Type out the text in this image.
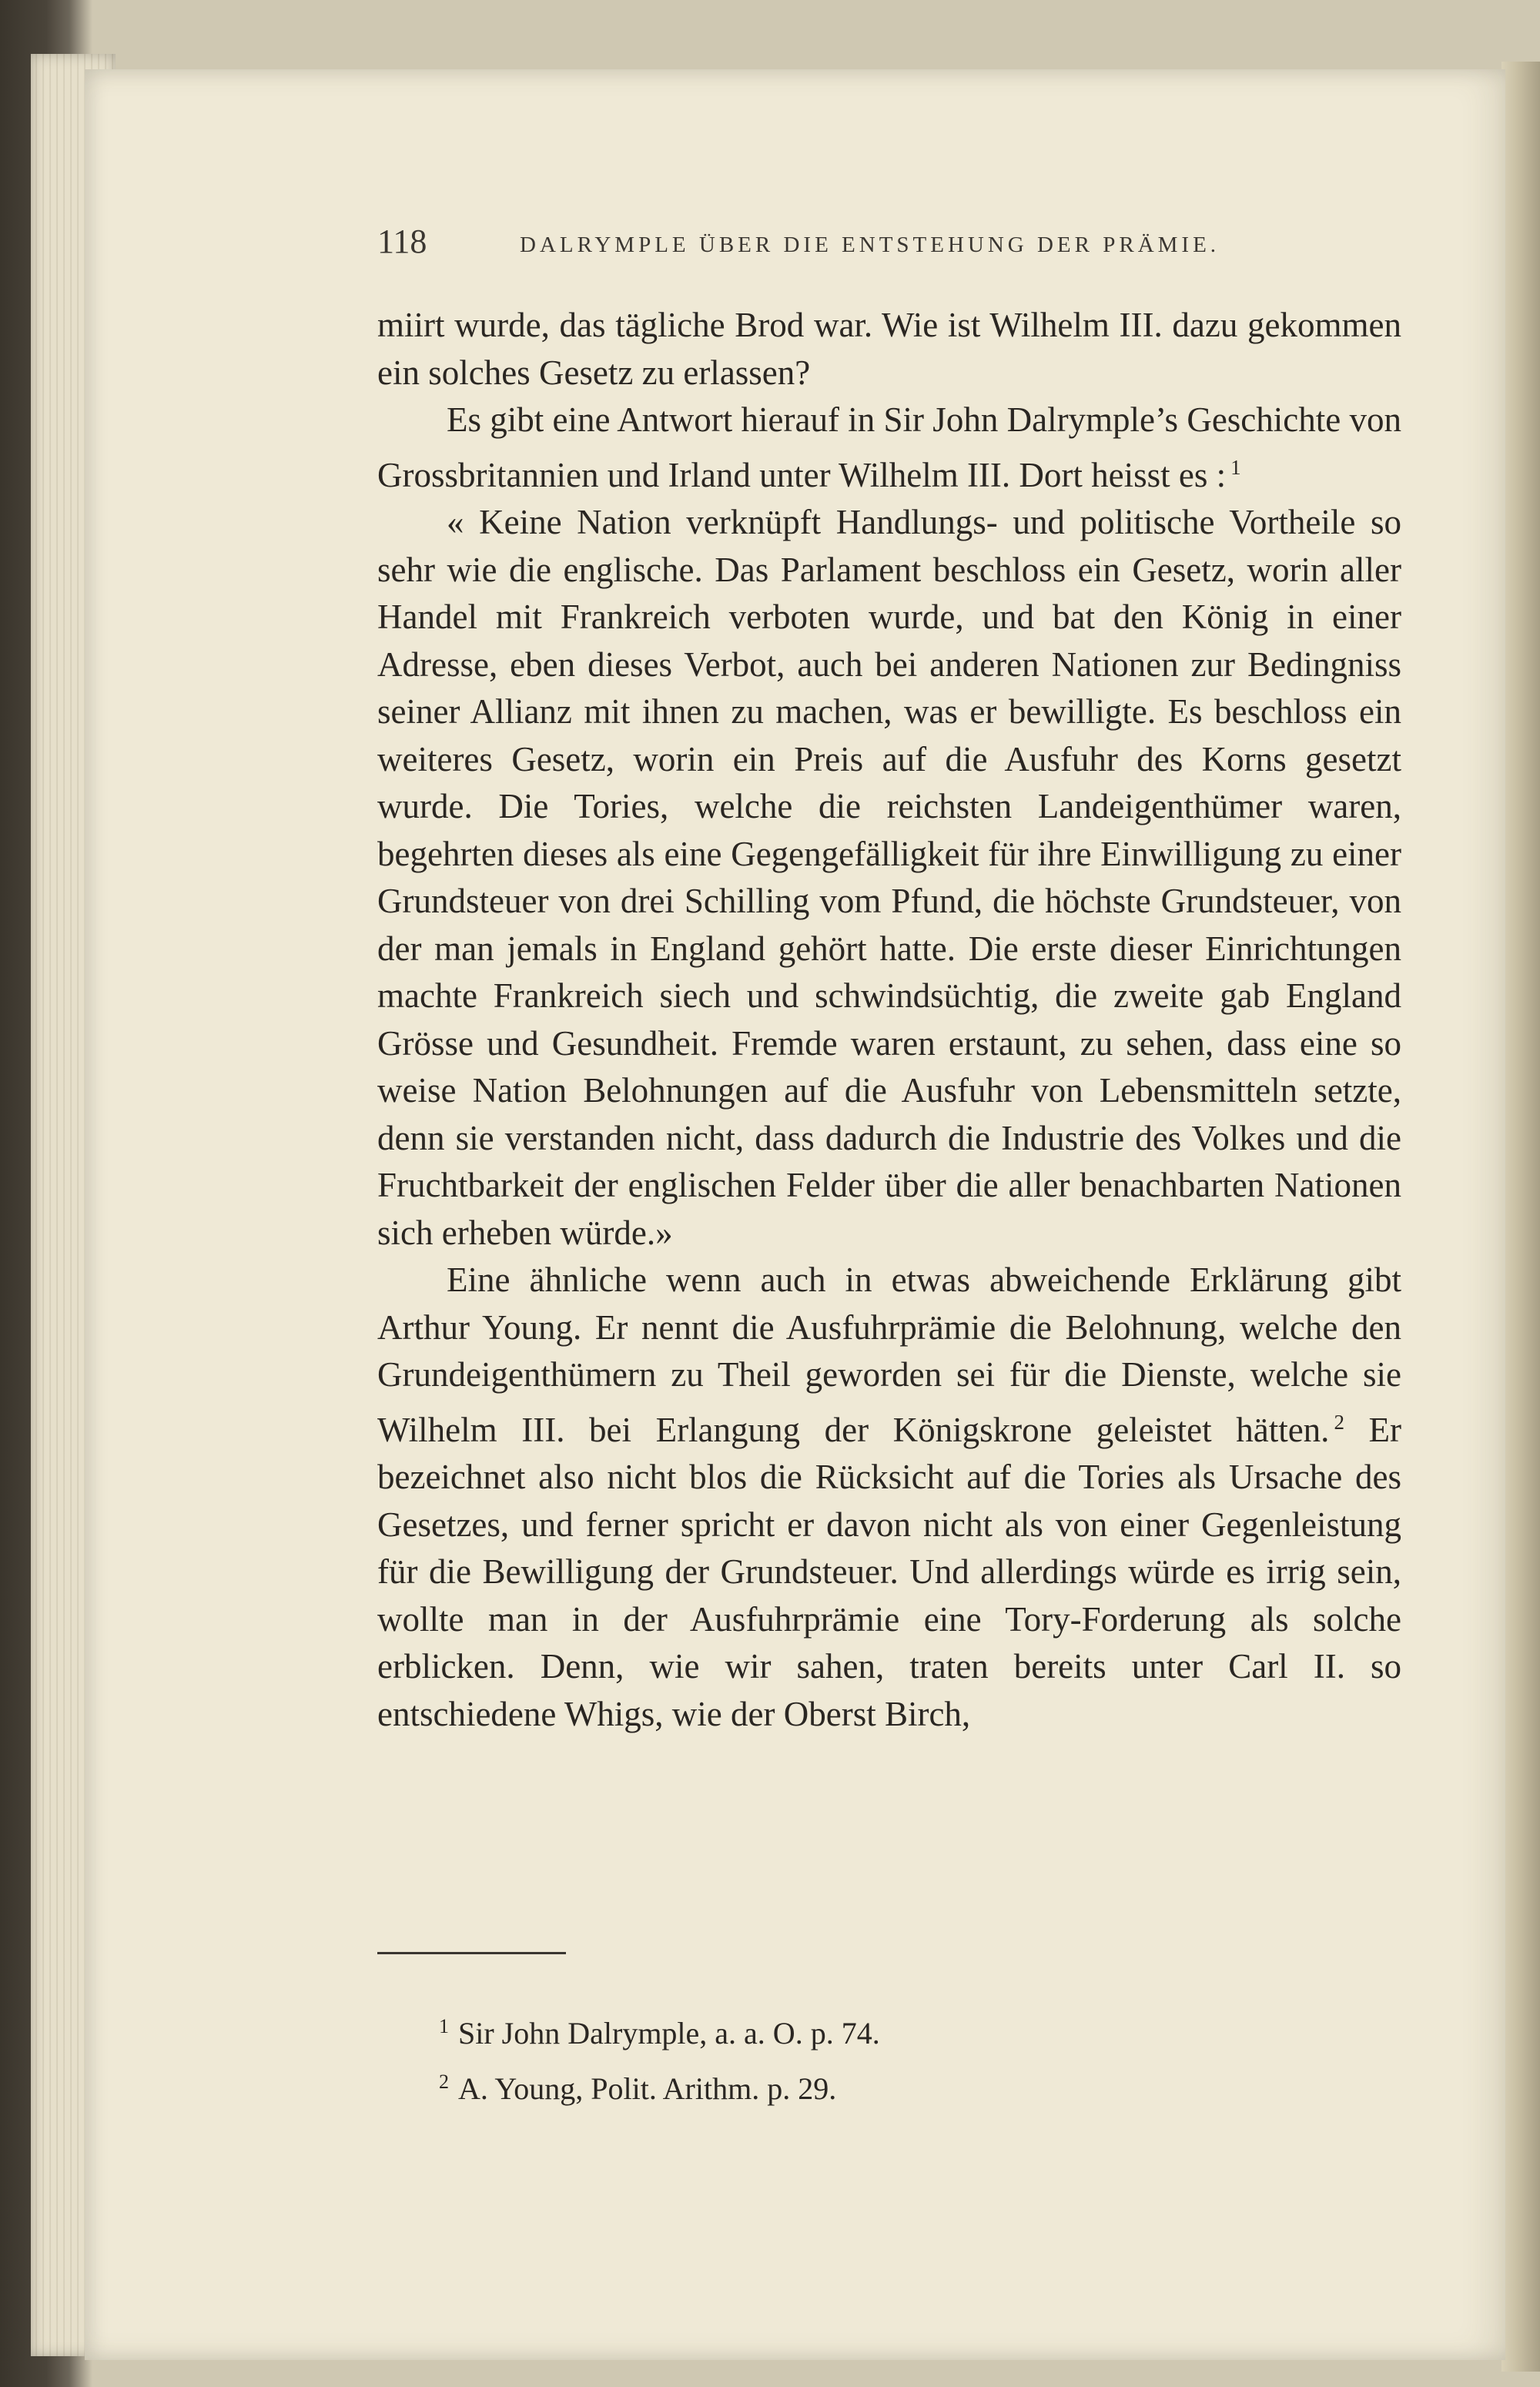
118	DALRYMPLE ÜBER DIE ENTSTEHUNG DER PRÄMIE.

miirt wurde, das tägliche Brod war. Wie ist Wilhelm III. dazu gekommen ein solches Gesetz zu erlassen?

Es gibt eine Antwort hierauf in Sir John Dalrymple’s Geschichte von Grossbritannien und Irland unter Wilhelm III. Dort heisst es : $^1$

« Keine Nation verknüpft Handlungs- und politische Vortheile so sehr wie die englische. Das Parlament beschloss ein Gesetz, worin aller Handel mit Frankreich verboten wurde, und bat den König in einer Adresse, eben dieses Verbot, auch bei anderen Nationen zur Bedingniss seiner Allianz mit ihnen zu machen, was er bewilligte. Es beschloss ein weiteres Gesetz, worin ein Preis auf die Ausfuhr des Korns gesetzt wurde. Die Tories, welche die reichsten Landeigenthümer waren, begehrten dieses als eine Gegengefälligkeit für ihre Einwilligung zu einer Grundsteuer von drei Schilling vom Pfund, die höchste Grundsteuer, von der man jemals in England gehört hatte. Die erste dieser Einrichtungen machte Frankreich siech und schwindsüchtig, die zweite gab England Grösse und Gesundheit. Fremde waren erstaunt, zu sehen, dass eine so weise Nation Belohnungen auf die Ausfuhr von Lebensmitteln setzte, denn sie verstanden nicht, dass dadurch die Industrie des Volkes und die Fruchtbarkeit der englischen Felder über die aller benachbarten Nationen sich erheben würde.»

Eine ähnliche wenn auch in etwas abweichende Erklärung gibt Arthur Young. Er nennt die Ausfuhrprämie die Belohnung, welche den Grundeigenthümern zu Theil geworden sei für die Dienste, welche sie Wilhelm III. bei Erlangung der Königskrone geleistet hätten. $^2$ Er bezeichnet also nicht blos die Rücksicht auf die Tories als Ursache des Gesetzes, und ferner spricht er davon nicht als von einer Gegenleistung für die Bewilligung der Grundsteuer. Und allerdings würde es irrig sein, wollte man in der Ausfuhrprämie eine Tory-Forderung als solche erblicken. Denn, wie wir sahen, traten bereits unter Carl II. so entschiedene Whigs, wie der Oberst Birch,

$^1$ Sir John Dalrymple, a. a. O. p. 74.
$^2$ A. Young, Polit. Arithm. p. 29.
